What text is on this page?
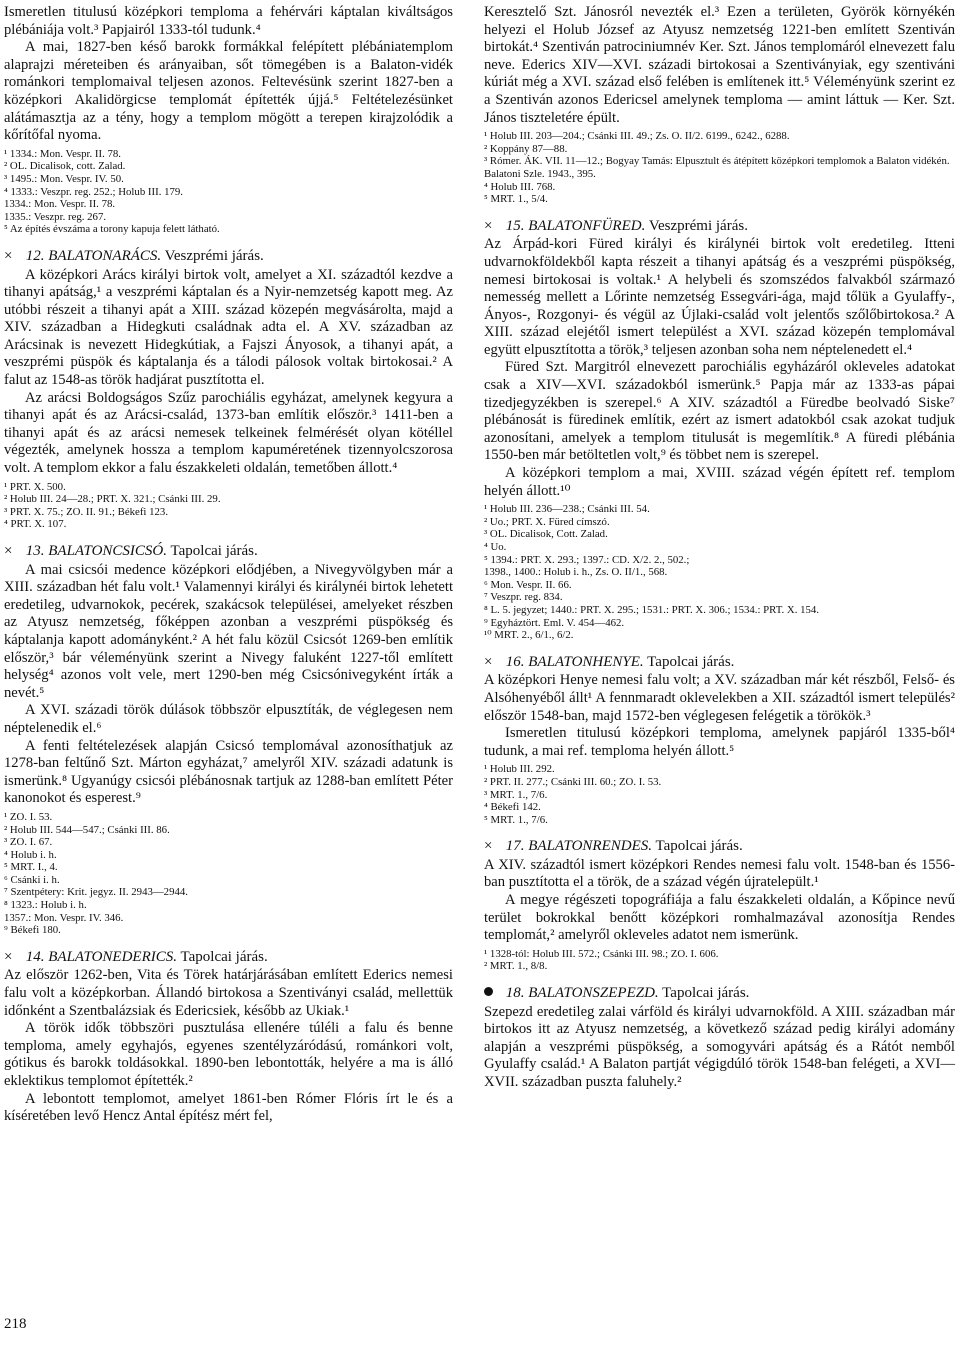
Ismeretlen titulusú középkori temploma a fehérvári káptalan kiváltságos plébániája volt.³ Papjairól 1333-tól tudunk.⁴

A mai, 1827-ben késő barokk formákkal felépített plébániatemplom alaprajzi méreteiben és arányaiban, sőt tömegében is a Balaton-vidék románkori templomaival teljesen azonos. Feltevésünk szerint 1827-ben a középkori Akalidörgicse templomát építették újjá.⁵ Feltételezésünket alátámasztja az a tény, hogy a templom mögött a terepen kirajzolódik a kőrítőfal nyoma.

¹ 1334.: Mon. Vespr. II. 78.
² OL. Dicalisok, cott. Zalad.
³ 1495.: Mon. Vespr. IV. 50.
⁴ 1333.: Veszpr. reg. 252.; Holub III. 179.
1334.: Mon. Vespr. II. 78.
1335.: Veszpr. reg. 267.
⁵ Az építés évszáma a torony kapuja felett látható.
× 12. BALATONARÁCS. Veszprémi járás.

A középkori Arács királyi birtok volt, amelyet a XI. századtól kezdve a tihanyi apátság,¹ a veszprémi káptalan és a Nyir-nemzetség kapott meg. Az utóbbi részeit a tihanyi apát a XIII. század közepén megvásárolta, majd a XIV. században a Hidegkuti családnak adta el. A XV. században az Arácsinak is nevezett Hidegkútiak, a Fajszi Ányosok, a tihanyi apát, a veszprémi püspök és káptalanja és a tálodi pálosok voltak birtokosai.² A falut az 1548-as török hadjárat pusztította el.

Az arácsi Boldogságos Szűz parochiális egyházat, amelynek kegyura a tihanyi apát és az Arácsi-család, 1373-ban említik először.³ 1411-ben a tihanyi apát és az arácsi nemesek telkeinek felmérését olyan kötéllel végezték, amelynek hossza a templom kapuméretének tizennyolcszorosa volt. A templom ekkor a falu északkeleti oldalán, temetőben állott.⁴

¹ PRT. X. 500.
² Holub III. 24—28.; PRT. X. 321.; Csánki III. 29.
³ PRT. X. 75.; ZO. II. 91.; Békefi 123.
⁴ PRT. X. 107.
× 13. BALATONCSICSÓ. Tapolcai járás.

A mai csicsói medence középkori elődjében, a Nivegyvölgyben már a XIII. században hét falu volt.¹ Valamennyi királyi és királynéi birtok lehetett eredetileg, udvarnokok, pecérek, szakácsok települései, amelyeket részben az Atyusz nemzetség, főképpen azonban a veszprémi püspökség és káptalanja kapott adományként.² A hét falu közül Csicsót 1269-ben említik először,³ bár véleményünk szerint a Nivegy faluként 1227-től említett helység⁴ azonos volt vele, mert 1290-ben még Csicsónivegyként írták a nevét.⁵

A XVI. századi török dúlások többször elpusztíták, de véglegesen nem néptelenedik el.⁶

A fenti feltételezések alapján Csicsó templomával azonosíthatjuk az 1278-ban feltűnő Szt. Márton egyházat,⁷ amelyről XIV. századi adatunk is ismerünk.⁸ Ugyanúgy csicsói plébánosnak tartjuk az 1288-ban említett Péter kanonokot és esperest.⁹

¹ ZO. I. 53.
² Holub III. 544—547.; Csánki III. 86.
³ ZO. I. 67.
⁴ Holub i. h.
⁵ MRT. I., 4.
⁶ Csánki i. h.
⁷ Szentpétery: Krit. jegyz. II. 2943—2944.
⁸ 1323.: Holub i. h.
1357.: Mon. Vespr. IV. 346.
⁹ Békefi 180.
× 14. BALATONEDERICS. Tapolcai járás.

Az először 1262-ben, Vita és Törek határjárásában említett Ederics nemesi falu volt a középkorban. Állandó birtokosa a Szentiványi család, mellettük időnként a Szentbalázsiak és Edericsiek, később az Ukiak.¹

A török idők többszöri pusztulása ellenére túléli a falu és benne temploma, amely egyhajós, egyenes szentélyzáródású, románkori volt, gótikus és barokk toldásokkal. 1890-ben lebontották, helyére a ma is álló eklektikus templomot építették.²

A lebontott templomot, amelyet 1861-ben Rómer Flóris írt le és a kíséretében levő Hencz Antal építész mért fel,

Keresztelő Szt. Jánosról nevezték el.³ Ezen a területen, Györök környékén helyezi el Holub József az Atyusz nemzetség 1221-ben említett Szentiván birtokát.⁴ Szentiván patrociniumnév Ker. Szt. János templomáról elnevezett falu neve. Ederics XIV—XVI. századi birtokosai a Szentiványiak, egy szentiváni kúriát még a XVI. század első felében is említenek itt.⁵ Véleményünk szerint ez a Szentiván azonos Edericsel amelynek temploma — amint láttuk — Ker. Szt. János tiszteletére épült.

¹ Holub III. 203—204.; Csánki III. 49.; Zs. O. II/2. 6199., 6242., 6288.
² Koppány 87—88.
³ Rómer. ÁK. VII. 11—12.; Bogyay Tamás: Elpusztult és átépített középkori templomok a Balaton vidékén. Balatoni Szle. 1943., 395.
⁴ Holub III. 768.
⁵ MRT. 1., 5/4.
× 15. BALATONFÜRED. Veszprémi járás.

Az Árpád-kori Füred királyi és királynéi birtok volt eredetileg. Itteni udvarnokföldekből kapta részeit a tihanyi apátság és a veszprémi püspökség, nemesi birtokosai is voltak.¹ A helybeli és szomszédos falvakból származó nemesség mellett a Lőrinte nemzetség Essegvári-ága, majd tőlük a Gyulaffy-, Ányos-, Rozgonyi- és végül az Újlaki-család volt jelentős szőlőbirtokosa.² A XIII. század elejétől ismert települést a XVI. század közepén templomával együtt elpusztította a török,³ teljesen azonban soha nem néptelenedett el.⁴

Füred Szt. Margitról elnevezett parochiális egyházáról okleveles adatokat csak a XIV—XVI. századokból ismerünk.⁵ Papja már az 1333-as pápai tizedjegyzékben is szerepel.⁶ A XIV. századtól a Füredbe beolvadó Siske⁷ plébánosát is füredinek említik, ezért az ismert adatokból csak azokat tudjuk azonosítani, amelyek a templom titulusát is megemlítik.⁸ A füredi plébánia 1550-ben már betöltetlen volt,⁹ és többet nem is szerepel.

A középkori templom a mai, XVIII. század végén épített ref. templom helyén állott.¹⁰

¹ Holub III. 236—238.; Csánki III. 54.
² Uo.; PRT. X. Füred címszó.
³ OL. Dicalisok, Cott. Zalad.
⁴ Uo.
⁵ 1394.: PRT. X. 293.; 1397.: CD. X/2. 2., 502.;
1398., 1400.: Holub i. h., Zs. O. II/1., 568.
⁶ Mon. Vespr. II. 66.
⁷ Veszpr. reg. 834.
⁸ L. 5. jegyzet; 1440.: PRT. X. 295.; 1531.: PRT. X. 306.; 1534.: PRT. X. 154.
⁹ Egyháztört. Eml. V. 454—462.
¹⁰ MRT. 2., 6/1., 6/2.
× 16. BALATONHENYE. Tapolcai járás.

A középkori Henye nemesi falu volt; a XV. században már két részből, Felső- és Alsóhenyéből állt¹ A fennmaradt oklevelekben a XII. századtól ismert település² először 1548-ban, majd 1572-ben véglegesen felégetik a törökök.³

Ismeretlen titulusú középkori temploma, amelynek papjáról 1335-ből⁴ tudunk, a mai ref. temploma helyén állott.⁵

¹ Holub III. 292.
² PRT. II. 277.; Csánki III. 60.; ZO. I. 53.
³ MRT. 1., 7/6.
⁴ Békefi 142.
⁵ MRT. 1., 7/6.
× 17. BALATONRENDES. Tapolcai járás.

A XIV. századtól ismert középkori Rendes nemesi falu volt. 1548-ban és 1556-ban pusztította el a török, de a század végén újratelepült.¹

A megye régészeti topográfiája a falu északkeleti oldalán, a Kőpince nevű terület bokrokkal benőtt középkori romhalmazával azonosítja Rendes templomát,² amelyről okleveles adatot nem ismerünk.

¹ 1328-tól: Holub III. 572.; Csánki III. 98.; ZO. I. 606.
² MRT. 1., 8/8.
18. BALATONSZEPEZD. Tapolcai járás.

Szepezd eredetileg zalai várföld és királyi udvarnokföld. A XIII. században már birtokos itt az Atyusz nemzetség, a következő század pedig királyi adomány alapján a veszprémi püspökség, a somogyvári apátság és a Rátót nemből Gyulaffy család.¹ A Balaton partját végigdúló török 1548-ban felégeti, a XVI—XVII. században puszta faluhely.²

218
